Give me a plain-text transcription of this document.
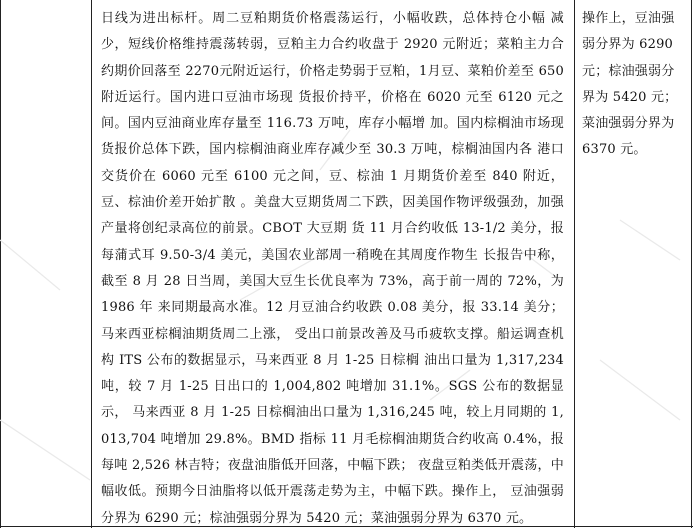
日线为进出标杆。周二豆粕期货价格震荡运行，小幅收跌，总体持仓小幅 减少，短线价格维持震荡转弱，豆粕主力合约收盘于 2920 元附近；菜粕主力合约期价回落至 2270元附近运行，价格走势弱于豆粕，1月豆、菜粕价差至 650附近运行。国内进口豆油市场现 货报价持平，价格在 6020 元至 6120 元之间。国内豆油商业库存量至 116.73 万吨，库存小幅增 加。国内棕榈油市场现货报价总体下跌，国内棕榈油商业库存减少至 30.3 万吨，棕榈油国内各 港口交货价在 6060 元至 6100 元之间，豆、棕油 1 月期货价差至 840 附近，豆、棕油价差开始扩散 。美盘大豆期货周二下跌，因美国作物评级强劲，加强产量将创纪录高位的前景。CBOT 大豆期 货 11 月合约收低 13-1/2 美分，报每蒲式耳 9.50-3/4 美元，美国农业部周一稍晚在其周度作物生 长报告中称，截至 8 月 28 日当周，美国大豆生长优良率为 73%，高于前一周的 72%，为 1986 年 来同期最高水准。12 月豆油合约收跌 0.08 美分，报 33.14 美分；马来西亚棕榈油期货周二上涨， 受出口前景改善及马币疲软支撑。船运调查机构 ITS 公布的数据显示，马来西亚 8 月 1-25 日棕榈 油出口量为 1,317,234 吨，较 7 月 1-25 日出口的 1,004,802 吨增加 31.1%。SGS 公布的数据显示， 马来西亚 8 月 1-25 日棕榈油出口量为 1,316,245 吨，较上月同期的 1,013,704 吨增加 29.8%。BMD 指标 11 月毛棕榈油期货合约收高 0.4%，报每吨 2,526 林吉特；夜盘油脂低开回落，中幅下跌； 夜盘豆粕类低开震荡，中幅收低。预期今日油脂将以低开震荡走势为主，中幅下跌。操作上， 豆油强弱分界为 6290 元；棕油强弱分界为 5420 元；菜油强弱分界为 6370 元。
操作上，豆油强弱分界为 6290 元；棕油强弱分界为 5420 元；菜油强弱分界为 6370 元。
